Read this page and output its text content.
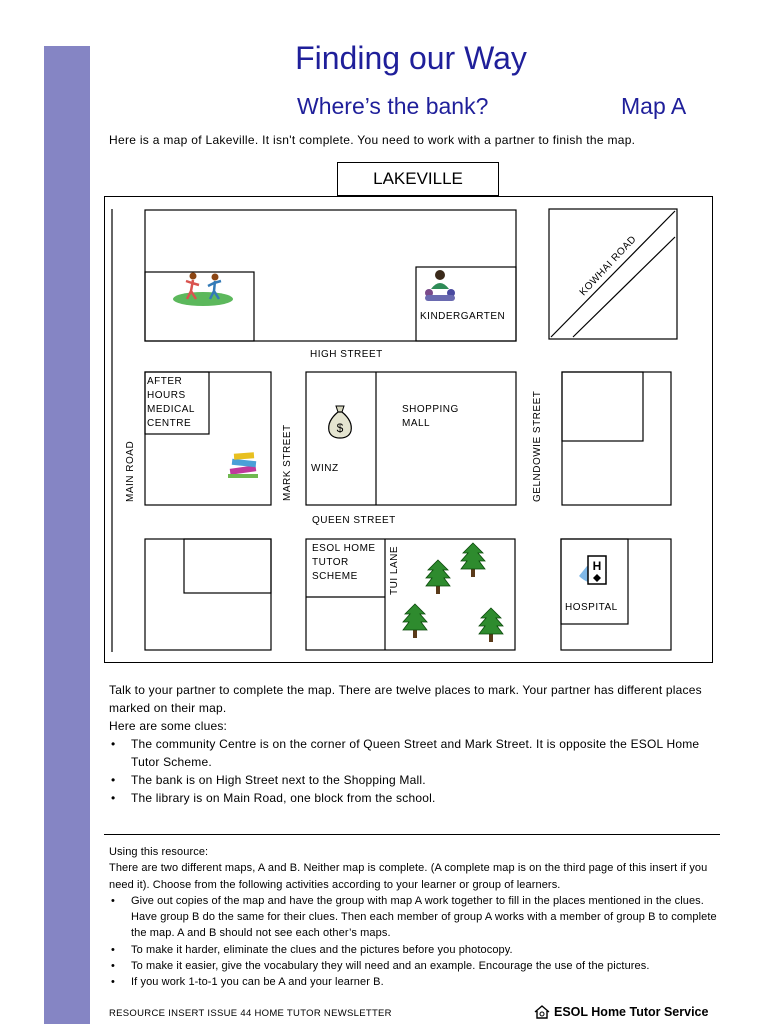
Finding our Way
Where’s the bank?	Map A
Here is a map of Lakeville. It isn't complete. You need to work with a partner to finish the map.
LAKEVILLE
$
H
KINDERGARTEN
HIGH STREET
AFTER
HOURS
MEDICAL
CENTRE
SHOPPING
MALL
WINZ
MAIN ROAD	MARK STREET	GELNDOWIE STREET
KOWHAI ROAD
QUEEN STREET
ESOL HOME
TUTOR
SCHEME	TUI LANE
HOSPITAL

Talk to your partner to complete the map. There are twelve places to mark. Your partner has different places marked on their map.

Here are some clues:

• The community Centre is on the corner of Queen Street and Mark Street. It is opposite the ESOL Home Tutor Scheme.
• The bank is on High Street next to the Shopping Mall.
• The library is on Main Road, one block from the school.

Using this resource:

There are two different maps, A and B. Neither map is complete. (A complete map is on the third page of this insert if you need it). Choose from the following activities according to your learner or group of learners.

• Give out copies of the map and have the group with map A work together to fill in the places mentioned in the clues. Have group B do the same for their clues. Then each member of group A works with a member of group B to complete the map. A and B should not see each other’s maps.
• To make it harder, eliminate the clues and the pictures before you photocopy.
• To make it easier, give the vocabulary they will need and an example. Encourage the use of the pictures.
• If you work 1-to-1 you can be A and your learner B.
RESOURCE INSERT ISSUE 44 HOME TUTOR NEWSLETTER	ESOL Home Tutor Service
